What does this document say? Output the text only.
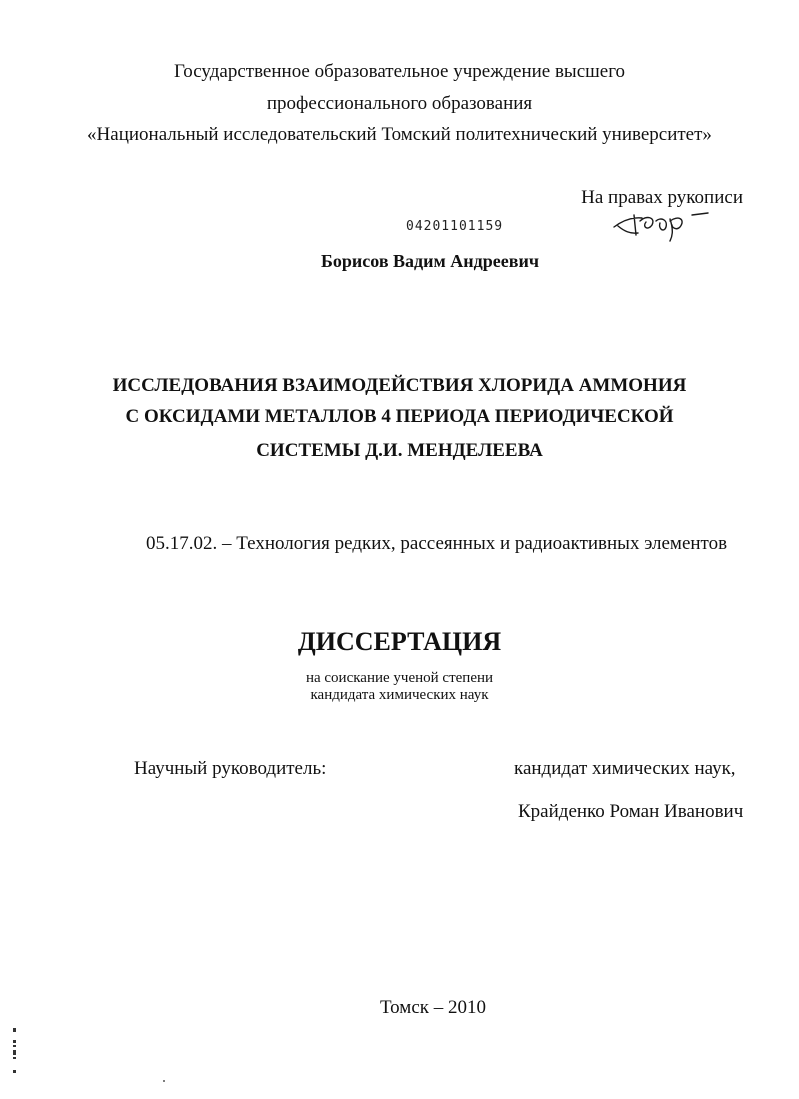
Государственное образовательное учреждение высшего
профессионального образования
«Национальный исследовательский Томский политехнический университет»
На правах рукописи
04201101159
Борисов Вадим Андреевич
ИССЛЕДОВАНИЯ ВЗАИМОДЕЙСТВИЯ ХЛОРИДА АММОНИЯ
С ОКСИДАМИ МЕТАЛЛОВ 4 ПЕРИОДА ПЕРИОДИЧЕСКОЙ
СИСТЕМЫ Д.И. МЕНДЕЛЕЕВА
05.17.02. – Технология редких, рассеянных и радиоактивных элементов
ДИССЕРТАЦИЯ
на соискание ученой степени
кандидата химических наук
Научный руководитель:	кандидат химических наук,
Крайденко Роман Иванович
Томск – 2010
